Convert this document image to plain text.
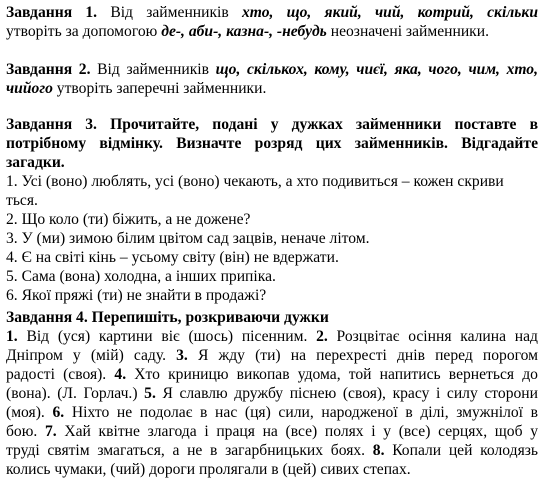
Завдання 1. Від займенників хто, що, який, чий, котрий, скільки
утворіть за допомогою де-, аби-, казна-, -небудь неозначені займенники.
Завдання 2. Від займенників що, скількох, кому, чиєї, яка, чого, чим, хто,
чийого утворіть заперечні займенники.
Завдання 3. Прочитайте, подані у дужках займенники поставте в
потрібному відмінку. Визначте розряд цих займенників. Відгадайте
загадки.
1. Усі (воно) люблять, усі (воно) чекають, а хто подивиться – кожен скриви
ться.
2. Що коло (ти) біжить, а не дожене?
3. У (ми) зимою білим цвітом сад зацвів, неначе літом.
4. Є на світі кінь – усьому світу (він) не вдержати.
5. Сама (вона) холодна, а інших припіка.
6. Якої пряжі (ти) не знайти в продажі?
Завдання 4. Перепишіть, розкриваючи дужки
1. Від (уся) картини віє (шось) пісенним. 2. Розцвітає осіння калина над
Дніпром у (мій) саду. 3. Я жду (ти) на перехресті днів перед порогом
радості (своя). 4. Хто криницю викопав удома, той напитись вернеться до
(вона). (Л. Горлач.) 5. Я славлю дружбу піснею (своя), красу і силу сторони
(моя). 6. Ніхто не подолає в нас (ця) сили, народженої в ділі, змужнілої в
бою. 7. Хай квітне злагода і праця на (все) полях і у (все) серцях, щоб у
труді святім змагаться, а не в загарбницьких боях. 8. Копали цей колодязь
колись чумаки, (чий) дороги пролягали в (цей) сивих степах.
